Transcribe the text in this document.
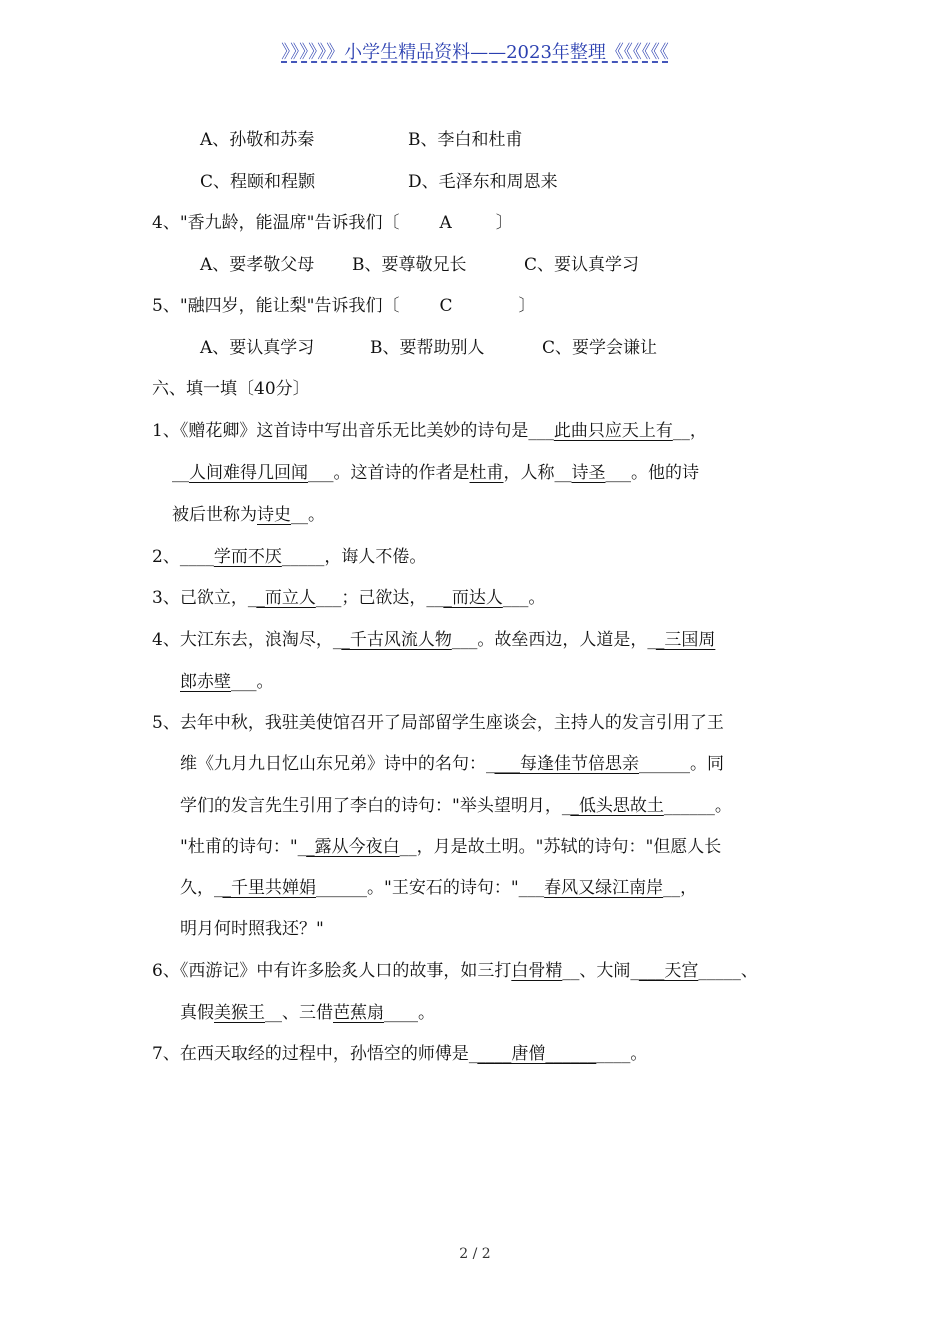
》》》》》》小学生精品资料——2023年整理《《《《《《
A、孙敬和苏秦	B、李白和杜甫
C、程颐和程颢	D、毛泽东和周恩来
4、"香九龄，能温席"告诉我们〔 A	〕
A、要孝敬父母 B、要尊敬兄长	C、要认真学习
5、"融四岁，能让梨"告诉我们〔 C	〕
A、要认真学习	B、要帮助别人	C、要学会谦让
六、填一填〔40分〕
1、《赠花卿》这首诗中写出音乐无比美妙的诗句是___此曲只应天上有__，
__人间难得几回闻___。这首诗的作者是杜甫，人称__诗圣___。他的诗
被后世称为诗史__。
2、____学而不厌_____，诲人不倦。
3、己欲立，__而立人___；己欲达，___而达人___。
4、大江东去，浪淘尽，__千古风流人物___。故垒西边，人道是，__三国周
郎赤壁___。
5、去年中秋，我驻美使馆召开了局部留学生座谈会，主持人的发言引用了王
维《九月九日忆山东兄弟》诗中的名句：____每逢佳节倍思亲______。同
学们的发言先生引用了李白的诗句："举头望明月，__低头思故土______。
"杜甫的诗句："__露从今夜白__，月是故土明。"苏轼的诗句："但愿人长
久，__千里共婵娟______。"王安石的诗句："___春风又绿江南岸__，
明月何时照我还？"
6、《西游记》中有许多脍炙人口的故事，如三打白骨精__、大闹____天宫_____、
真假美猴王__、三借芭蕉扇____。
7、在西天取经的过程中，孙悟空的师傅是_____唐僧__________。
2 / 2
